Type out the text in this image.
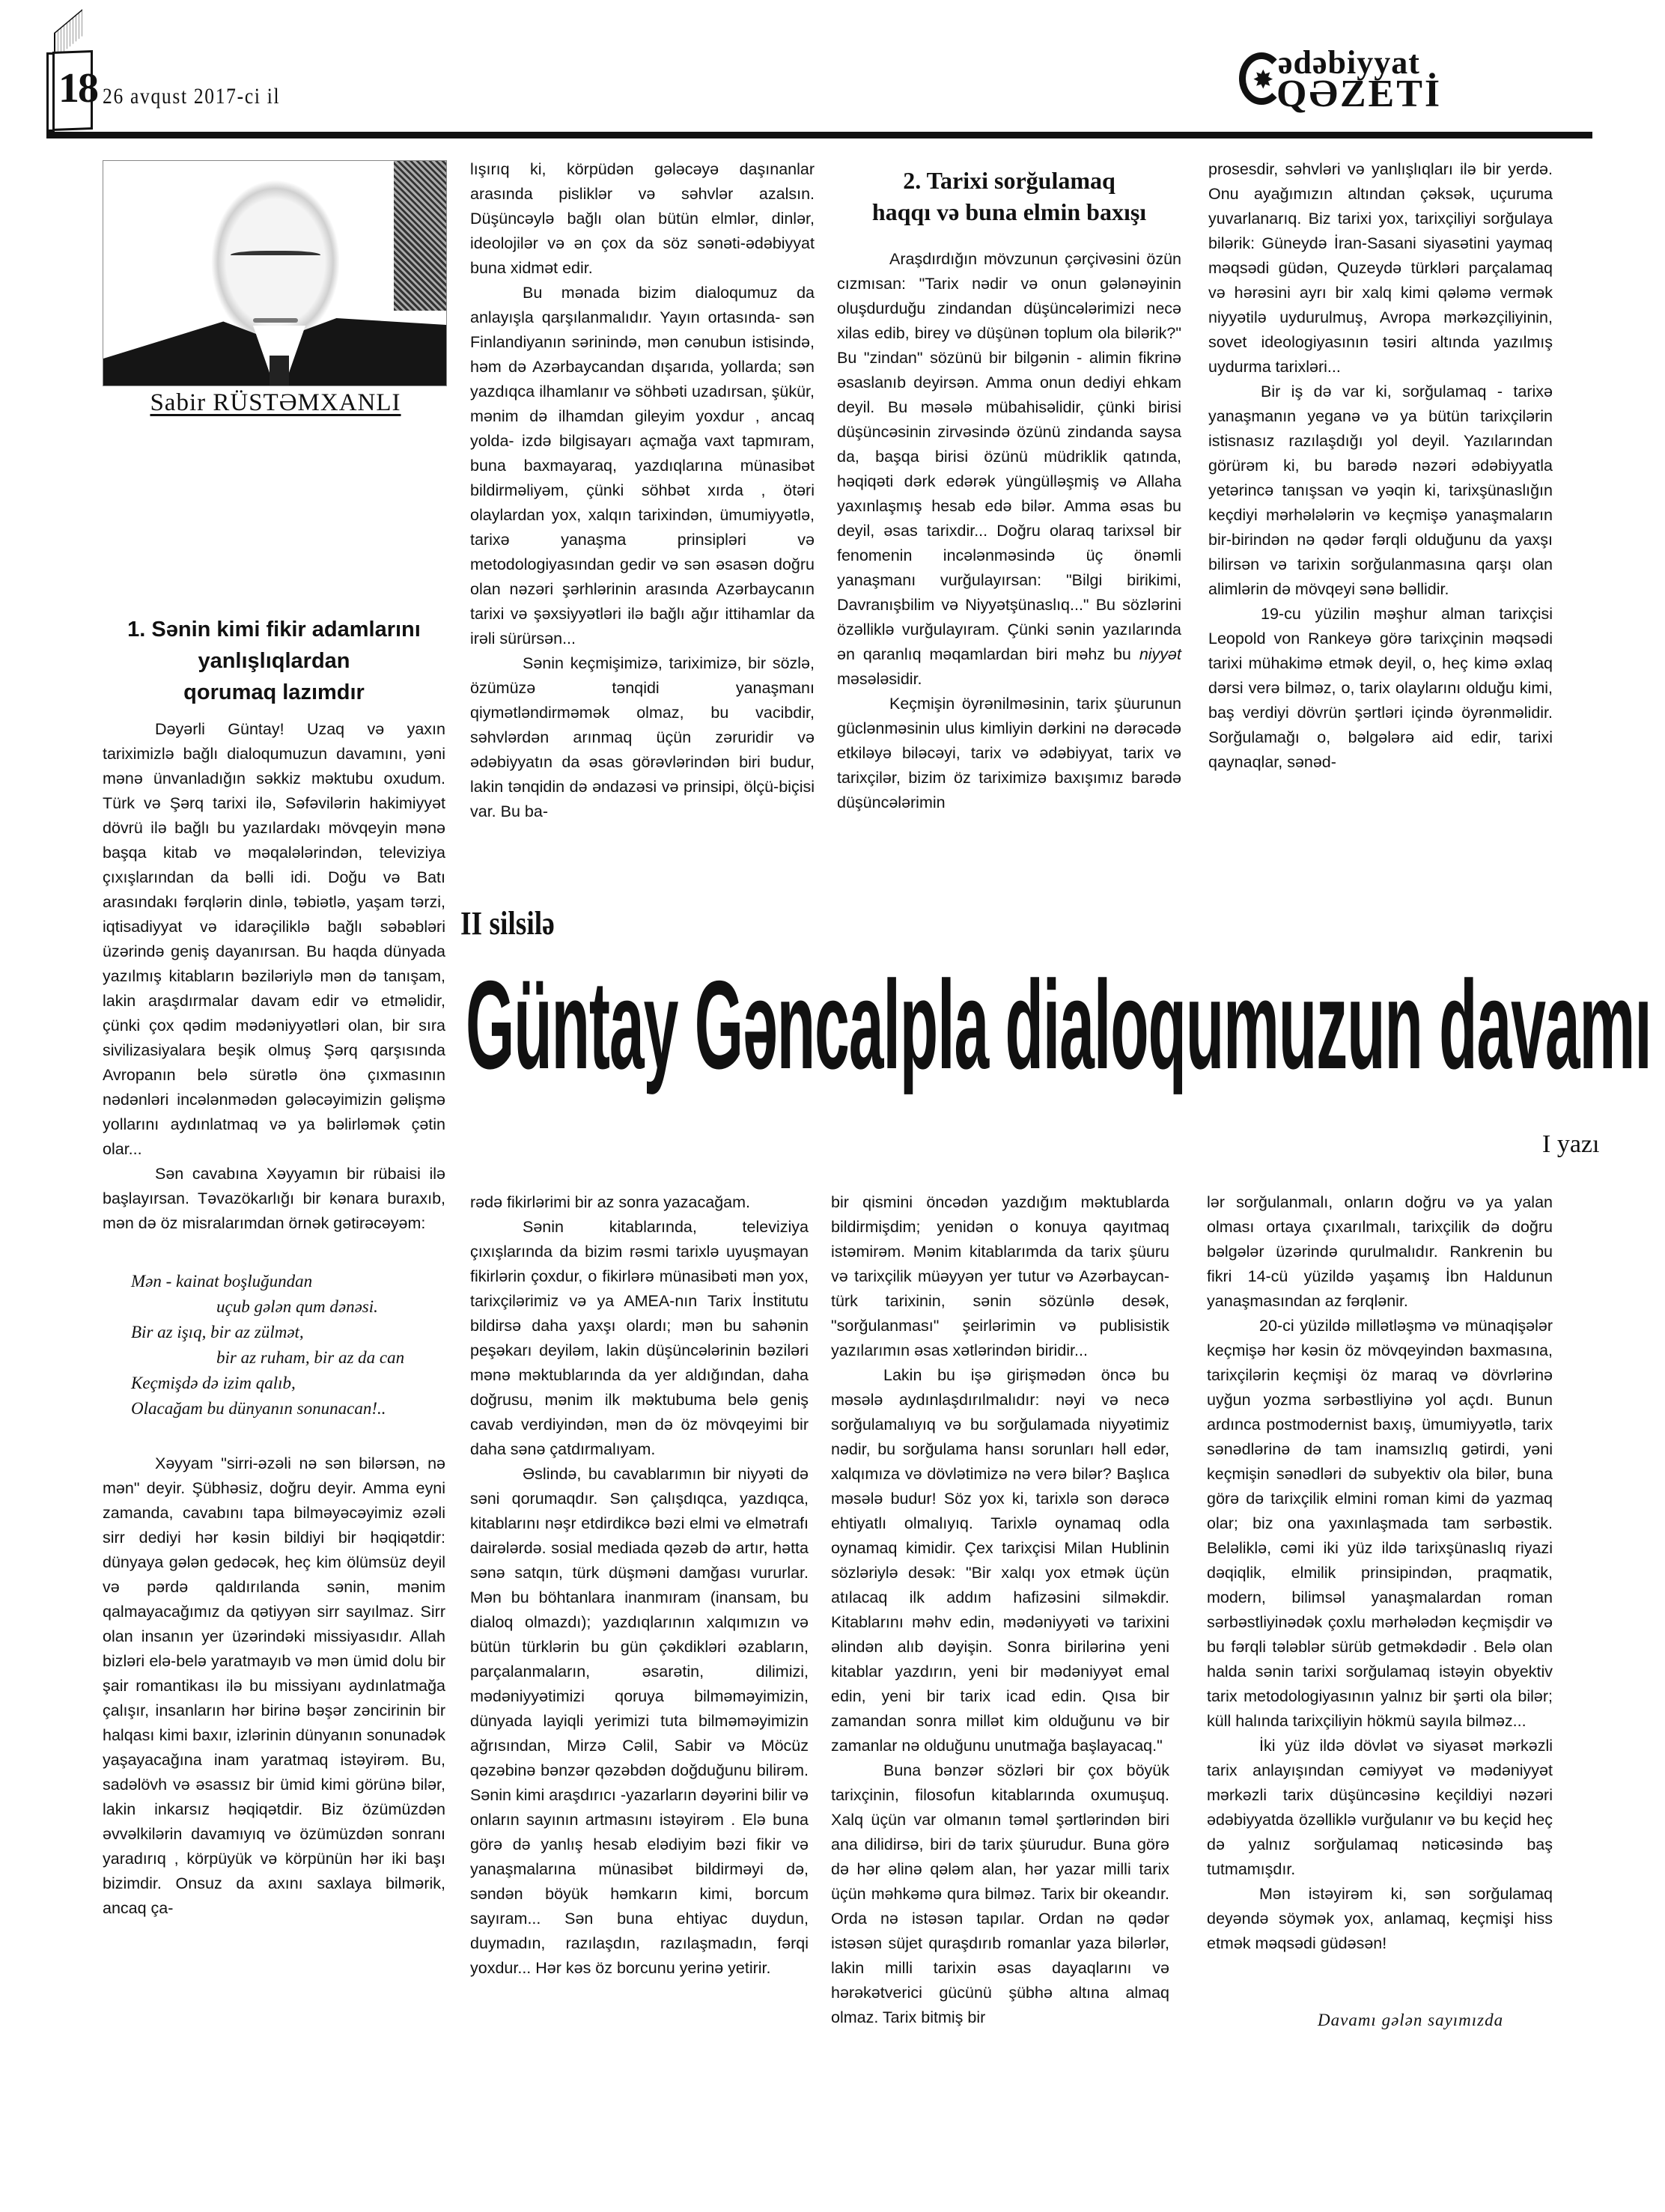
18 26 avqust 2017-ci il
✸ ədəbiyyat
QƏZETİ
Sabir RÜSTƏMXANLI
1. Sənin kimi fikir adamlarını
yanlışlıqlardan
qorumaq lazımdır

Dəyərli Güntay! Uzaq və yaxın tariximizlə bağlı dialoqumuzun davamını, yəni mənə ünvanladığın səkkiz məktubu oxudum. Türk və Şərq tarixi ilə, Səfəvilərin hakimiyyət dövrü ilə bağlı bu yazılardakı mövqeyin mənə başqa kitab və məqalələrindən, televiziya çıxışlarından da bəlli idi. Doğu və Batı arasındakı fərqlərin dinlə, təbiətlə, yaşam tərzi, iqtisadiyyat və idarəçiliklə bağlı səbəbləri üzərində geniş dayanırsan. Bu haqda dünyada yazılmış kitabların bəziləriylə mən də tanışam, lakin araşdırmalar davam edir və etməlidir, çünki çox qədim mədəniyyətləri olan, bir sıra sivilizasiyalara beşik olmuş Şərq qarşısında Avropanın belə sürətlə önə çıxmasının nədənləri incələnmədən gələcəyimizin gəlişmə yollarını aydınlatmaq və ya bəlirləmək çətin olar...

Sən cavabına Xəyyamın bir rübaisi ilə başlayırsan. Təvazökarlığı bir kənara buraxıb, mən də öz misralarımdan örnək gətirəcəyəm:

Mən - kainat boşluğundan
uçub gələn qum dənəsi.
Bir az işıq, bir az zülmət,
bir az ruham, bir az da can
Keçmişdə də izim qalıb,
Olacağam bu dünyanın sonunacan!..

Xəyyam "sirri-əzəli nə sən bilərsən, nə mən" deyir. Şübhəsiz, doğru deyir. Amma eyni zamanda, cavabını tapa bilməyəcəyimiz əzəli sirr dediyi hər kəsin bildiyi bir həqiqətdir: dünyaya gələn gedəcək, heç kim ölümsüz deyil və pərdə qaldırılanda sənin, mənim qalmayacağımız da qətiyyən sirr sayılmaz. Sirr olan insanın yer üzərindəki missiyasıdır. Allah bizləri elə-belə yaratmayıb və mən ümid dolu bir şair romantikası ilə bu missiyanı aydınlatmağa çalışır, insanların hər birinə bəşər zəncirinin bir halqası kimi baxır, izlərinin dünyanın sonunadək yaşayacağına inam yaratmaq istəyirəm. Bu, sadəlövh və əsassız bir ümid kimi görünə bilər, lakin inkarsız həqiqətdir. Biz özümüzdən əvvəlkilərin davamıyıq və özümüzdən sonranı yaradırıq , körpüyük və körpünün hər iki başı bizimdir. Onsuz da axını saxlaya bilmərik, ancaq ça-

lışırıq ki, körpüdən gələcəyə daşınanlar arasında pisliklər və səhvlər azalsın. Düşüncəylə bağlı olan bütün elmlər, dinlər, ideolojilər və ən çox da söz sənəti-ədəbiyyat buna xidmət edir.

Bu mənada bizim dialoqumuz da anlayışla qarşılanmalıdır. Yayın ortasında- sən Finlandiyanın sərinində, mən cənubun istisində, həm də Azərbaycandan dışarıda, yollarda; sən yazdıqca ilhamlanır və söhbəti uzadırsan, şükür, mənim də ilhamdan gileyim yoxdur , ancaq yolda- izdə bilgisayarı açmağa vaxt tapmıram, buna baxmayaraq, yazdıqlarına münasibət bildirməliyəm, çünki söhbət xırda , ötəri olaylardan yox, xalqın tarixindən, ümumiyyətlə, tarixə yanaşma prinsipləri və metodologiyasından gedir və sən əsasən doğru olan nəzəri şərhlərinin arasında Azərbaycanın tarixi və şəxsiyyətləri ilə bağlı ağır ittihamlar da irəli sürürsən...

Sənin keçmişimizə, tariximizə, bir sözlə, özümüzə tənqidi yanaşmanı qiymətləndirməmək olmaz, bu vacibdir, səhvlərdən arınmaq üçün zəruridir və ədəbiyyatın da əsas görəvlərindən biri budur, lakin tənqidin də əndazəsi və prinsipi, ölçü-biçisi var. Bu ba-

2. Tarixi sorğulamaq
haqqı və buna elmin baxışı

Araşdırdığın mövzunun çərçivəsini özün cızmısan: "Tarix nədir və onun gələnəyinin oluşdurduğu zindandan düşüncələrimizi necə xilas edib, birey və düşünən toplum ola bilərik?" Bu "zindan" sözünü bir bilgənin - alimin fikrinə əsaslanıb deyirsən. Amma onun dediyi ehkam deyil. Bu məsələ mübahisəlidir, çünki birisi düşüncəsinin zirvəsində özünü zindanda saysa da, başqa birisi özünü müdriklik qatında, həqiqəti dərk edərək yüngülləşmiş və Allaha yaxınlaşmış hesab edə bilər. Amma əsas bu deyil, əsas tarixdir... Doğru olaraq tarixsəl bir fenomenin incələnməsində üç önəmli yanaşmanı vurğulayırsan: "Bilgi birikimi, Davranışbilim və Niyyətşünaslıq..." Bu sözlərini özəlliklə vurğulayıram. Çünki sənin yazılarında ən qaranlıq məqamlardan biri məhz bu niyyət məsələsidir.

Keçmişin öyrənilməsinin, tarix şüurunun güclənməsinin ulus kimliyin dərkini nə dərəcədə etkiləyə biləcəyi, tarix və ədəbiyyat, tarix və tarixçilər, bizim öz tariximizə baxışımız barədə düşüncələrimin

prosesdir, səhvləri və yanlışlıqları ilə bir yerdə. Onu ayağımızın altından çəksək, uçuruma yuvarlanarıq. Biz tarixi yox, tarixçiliyi sorğulaya bilərik: Güneydə İran-Sasani siyasətini yaymaq məqsədi güdən, Quzeydə türkləri parçalamaq və hərəsini ayrı bir xalq kimi qələmə vermək niyyətilə uydurulmuş, Avropa mərkəzçiliyinin, sovet ideologiyasının təsiri altında yazılmış uydurma tarixləri...

Bir iş də var ki, sorğulamaq - tarixə yanaşmanın yeganə və ya bütün tarixçilərin istisnasız razılaşdığı yol deyil. Yazılarından görürəm ki, bu barədə nəzəri ədəbiyyatla yetərincə tanışsan və yəqin ki, tarixşünaslığın keçdiyi mərhələlərin və keçmişə yanaşmaların bir-birindən nə qədər fərqli olduğunu da yaxşı bilirsən və tarixin sorğulanmasına qarşı olan alimlərin də mövqeyi sənə bəllidir.

19-cu yüzilin məşhur alman tarixçisi Leopold von Rankeyə görə tarixçinin məqsədi tarixi mühakimə etmək deyil, o, heç kimə əxlaq dərsi verə bilməz, o, tarix olaylarını olduğu kimi, baş verdiyi dövrün şərtləri içində öyrənməlidir. Sorğulamağı o, bəlgələrə aid edir, tarixi qaynaqlar, sənəd-

II silsilə
Güntay Gəncalpla dialoqumuzun davamı
I yazı

rədə fikirlərimi bir az sonra yazacağam.

Sənin kitablarında, televiziya çıxışlarında da bizim rəsmi tarixlə uyuşmayan fikirlərin çoxdur, o fikirlərə münasibəti mən yox, tarixçilərimiz və ya AMEA-nın Tarix İnstitutu bildirsə daha yaxşı olardı; mən bu sahənin peşəkarı deyiləm, lakin düşüncələrinin bəziləri mənə məktublarında da yer aldığından, daha doğrusu, mənim ilk məktubuma belə geniş cavab verdiyindən, mən də öz mövqeyimi bir daha sənə çatdırmalıyam.

Əslində, bu cavablarımın bir niyyəti də səni qorumaqdır. Sən çalışdıqca, yazdıqca, kitablarını nəşr etdirdikcə bəzi elmi və elmətrafı dairələrdə. sosial mediada qəzəb də artır, hətta sənə satqın, türk düşməni damğası vururlar. Mən bu böhtanlara inanmıram (inansam, bu dialoq olmazdı); yazdıqlarının xalqımızın və bütün türklərin bu gün çəkdikləri əzabların, parçalanmaların, əsarətin, dilimizi, mədəniyyətimizi qoruya bilməməyimizin, dünyada layiqli yerimizi tuta bilməməyimizin ağrısından, Mirzə Cəlil, Sabir və Möcüz qəzəbinə bənzər qəzəbdən doğduğunu bilirəm. Sənin kimi araşdırıcı -yazarların dəyərini bilir və onların sayının artmasını istəyirəm . Elə buna görə də yanlış hesab elədiyim bəzi fikir və yanaşmalarına münasibət bildirməyi də, səndən böyük həmkarın kimi, borcum sayıram... Sən buna ehtiyac duydun, duymadın, razılaşdın, razılaşmadın, fərqi yoxdur... Hər kəs öz borcunu yerinə yetirir.

bir qismini öncədən yazdığım məktublarda bildirmişdim; yenidən o konuya qayıtmaq istəmirəm. Mənim kitablarımda da tarix şüuru və tarixçilik müəyyən yer tutur və Azərbaycan-türk tarixinin, sənin sözünlə desək, "sorğulanması" şeirlərimin və publisistik yazılarımın əsas xətlərindən biridir...

Lakin bu işə girişmədən öncə bu məsələ aydınlaşdırılmalıdır: nəyi və necə sorğulamalıyıq və bu sorğulamada niyyətimiz nədir, bu sorğulama hansı sorunları həll edər, xalqımıza və dövlətimizə nə verə bilər? Başlıca məsələ budur! Söz yox ki, tarixlə son dərəcə ehtiyatlı olmalıyıq. Tarixlə oynamaq odla oynamaq kimidir. Çex tarixçisi Milan Hublinin sözləriylə desək: "Bir xalqı yox etmək üçün atılacaq ilk addım hafizəsini silməkdir. Kitablarını məhv edin, mədəniyyəti və tarixini əlindən alıb dəyişin. Sonra birilərinə yeni kitablar yazdırın, yeni bir mədəniyyət emal edin, yeni bir tarix icad edin. Qısa bir zamandan sonra millət kim olduğunu və bir zamanlar nə olduğunu unutmağa başlayacaq."

Buna bənzər sözləri bir çox böyük tarixçinin, filosofun kitablarında oxumuşuq. Xalq üçün var olmanın təməl şərtlərindən biri ana dilidirsə, biri də tarix şüurudur. Buna görə də hər əlinə qələm alan, hər yazar milli tarix üçün məhkəmə qura bilməz. Tarix bir okeandır. Orda nə istəsən tapılar. Ordan nə qədər istəsən süjet quraşdırıb romanlar yaza bilərlər, lakin milli tarixin əsas dayaqlarını və hərəkətverici gücünü şübhə altına almaq olmaz. Tarix bitmiş bir

lər sorğulanmalı, onların doğru və ya yalan olması ortaya çıxarılmalı, tarixçilik də doğru bəlgələr üzərində qurulmalıdır. Rankrenin bu fikri 14-cü yüzildə yaşamış İbn Haldunun yanaşmasından az fərqlənir.

20-ci yüzildə millətləşmə və münaqişələr keçmişə hər kəsin öz mövqeyindən baxmasına, tarixçilərin keçmişi öz maraq və dövrlərinə uyğun yozma sərbəstliyinə yol açdı. Bunun ardınca postmodernist baxış, ümumiyyətlə, tarix sənədlərinə də tam inamsızlıq gətirdi, yəni keçmişin sənədləri də subyektiv ola bilər, buna görə də tarixçilik elmini roman kimi də yazmaq olar; biz ona yaxınlaşmada tam sərbəstik. Beləliklə, cəmi iki yüz ildə tarixşünaslıq riyazi dəqiqlik, elmilik prinsipindən, praqmatik, modern, bilimsəl yanaşmalardan roman sərbəstliyinədək çoxlu mərhələdən keçmişdir və bu fərqli tələblər sürüb getməkdədir . Belə olan halda sənin tarixi sorğulamaq istəyin obyektiv tarix metodologiyasının yalnız bir şərti ola bilər; küll halında tarixçiliyin hökmü sayıla bilməz...

İki yüz ildə dövlət və siyasət mərkəzli tarix anlayışından cəmiyyət və mədəniyyət mərkəzli tarix düşüncəsinə keçildiyi nəzəri ədəbiyyatda özəlliklə vurğulanır və bu keçid heç də yalnız sorğulamaq nəticəsində baş tutmamışdır.

Mən istəyirəm ki, sən sorğulamaq deyəndə söymək yox, anlamaq, keçmişi hiss etmək məqsədi güdəsən!

Davamı gələn sayımızda
